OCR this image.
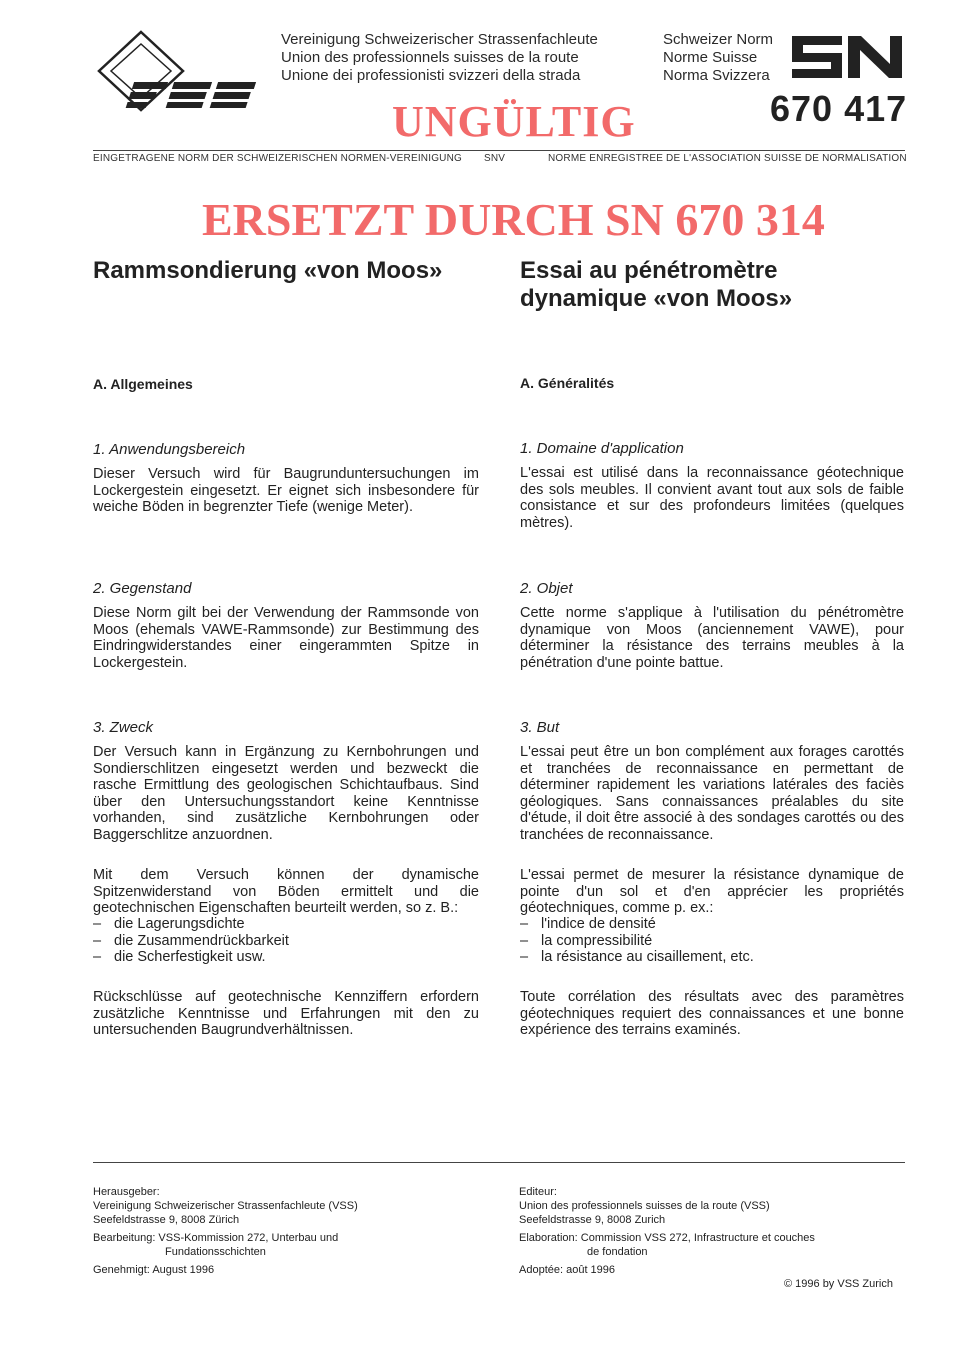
Vereinigung Schweizerischer Strassenfachleute
Union des professionnels suisses de la route
Unione dei professionisti svizzeri della strada
Schweizer Norm
Norme Suisse
Norma Svizzera
670 417
UNGÜLTIG
EINGETRAGENE NORM DER SCHWEIZERISCHEN NORMEN-VEREINIGUNG SNV	NORME ENREGISTREE DE L'ASSOCIATION SUISSE DE NORMALISATION
ERSETZT DURCH SN 670 314
Rammsondierung «von Moos»
A. Allgemeines
1. Anwendungsbereich
Dieser Versuch wird für Baugrunduntersuchungen im Lockergestein eingesetzt. Er eignet sich insbesondere für weiche Böden in begrenzter Tiefe (wenige Meter).
2. Gegenstand
Diese Norm gilt bei der Verwendung der Rammsonde von Moos (ehemals VAWE-Rammsonde) zur Bestimmung des Eindringwiderstandes einer eingerammten Spitze in Lockergestein.
3. Zweck
Der Versuch kann in Ergänzung zu Kernbohrungen und Sondierschlitzen eingesetzt werden und bezweckt die rasche Ermittlung des geologischen Schichtaufbaus. Sind über den Untersuchungsstandort keine Kenntnisse vorhanden, sind zusätzliche Kernbohrungen oder Baggerschlitze anzuordnen.
Mit dem Versuch können der dynamische Spitzenwiderstand von Böden ermittelt und die geotechnischen Eigenschaften beurteilt werden, so z. B.:
– die Lagerungsdichte
– die Zusammendrückbarkeit
– die Scherfestigkeit usw.
Rückschlüsse auf geotechnische Kennziffern erfordern zusätzliche Kenntnisse und Erfahrungen mit den zu untersuchenden Baugrundverhältnissen.
Essai au pénétromètre dynamique «von Moos»
A. Généralités
1. Domaine d'application
L'essai est utilisé dans la reconnaissance géotechnique des sols meubles. Il convient avant tout aux sols de faible consistance et sur des profondeurs limitées (quelques mètres).
2. Objet
Cette norme s'applique à l'utilisation du pénétromètre dynamique von Moos (anciennement VAWE), pour déterminer la résistance des terrains meubles à la pénétration d'une pointe battue.
3. But
L'essai peut être un bon complément aux forages carottés et tranchées de reconnaissance en permettant de déterminer rapidement les variations latérales des faciès géologiques. Sans connaissances préalables du site d'étude, il doit être associé à des sondages carottés ou des tranchées de reconnaissance.
L'essai permet de mesurer la résistance dynamique de pointe d'un sol et d'en apprécier les propriétés géotechniques, comme p. ex.:
– l'indice de densité
– la compressibilité
– la résistance au cisaillement, etc.
Toute corrélation des résultats avec des paramètres géotechniques requiert des connaissances et une bonne expérience des terrains examinés.
Herausgeber:
Vereinigung Schweizerischer Strassenfachleute (VSS)
Seefeldstrasse 9, 8008 Zürich
Bearbeitung: VSS-Kommission 272, Unterbau und
Fundationsschichten
Genehmigt: August 1996
Editeur:
Union des professionnels suisses de la route (VSS)
Seefeldstrasse 9, 8008 Zurich
Elaboration: Commission VSS 272, Infrastructure et couches
de fondation
Adoptée: août 1996
© 1996 by VSS Zurich
